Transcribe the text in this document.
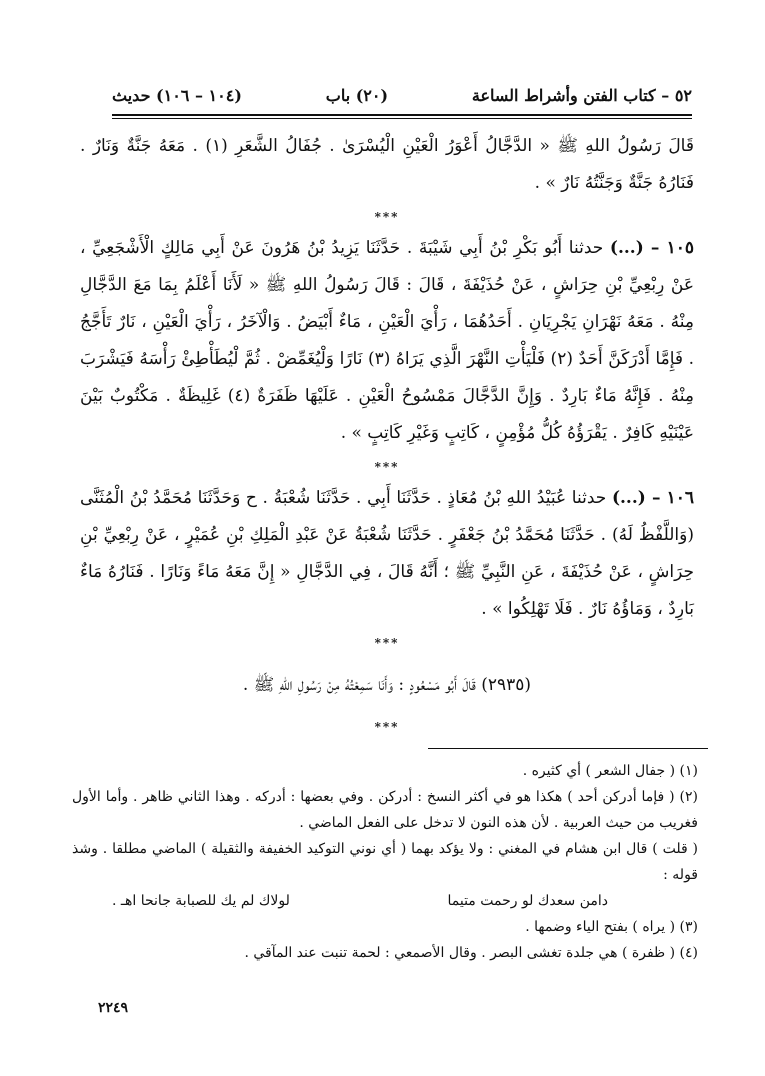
٥٢ – كتاب الفتن وأشراط الساعة
(٢٠) باب
(١٠٤ – ١٠٦) حديث

قَالَ رَسُولُ اللهِ ﷺ « الدَّجَّالُ أَعْوَرُ الْعَيْنِ الْيُسْرَىٰ . جُفَالُ الشَّعَرِ (١) . مَعَهُ جَنَّةٌ وَنَارٌ . فَنَارُهُ جَنَّةٌ وَجَنَّتُهُ نَارٌ » .

***

١٠٥ – (...) حدثنا أَبُو بَكْرِ بْنُ أَبِي شَيْبَةَ . حَدَّثَنَا يَزِيدُ بْنُ هَرُونَ عَنْ أَبِي مَالِكٍ الْأَشْجَعِيِّ ، عَنْ رِبْعِيِّ بْنِ حِرَاشٍ ، عَنْ حُذَيْفَةَ ، قَالَ : قَالَ رَسُولُ اللهِ ﷺ « لَأَنَا أَعْلَمُ بِمَا مَعَ الدَّجَّالِ مِنْهُ . مَعَهُ نَهْرَانِ يَجْرِيَانِ . أَحَدُهُمَا ، رَأْيَ الْعَيْنِ ، مَاءٌ أَبْيَضُ . وَالْآخَرُ ، رَأْيَ الْعَيْنِ ، نَارٌ تَأَجَّجُ . فَإِمَّا أَدْرَكَنَّ أَحَدٌ (٢) فَلْيَأْتِ النَّهْرَ الَّذِي يَرَاهُ (٣) نَارًا وَلْيُغَمِّضْ . ثُمَّ لْيُطَأْطِئْ رَأْسَهُ فَيَشْرَبَ مِنْهُ . فَإِنَّهُ مَاءٌ بَارِدٌ . وَإِنَّ الدَّجَّالَ مَمْسُوحُ الْعَيْنِ . عَلَيْهَا ظَفَرَةٌ (٤) غَلِيظَةٌ . مَكْتُوبٌ بَيْنَ عَيْنَيْهِ كَافِرٌ . يَقْرَؤُهُ كُلُّ مُؤْمِنٍ ، كَاتِبٍ وَغَيْرِ كَاتِبٍ » .

***

١٠٦ – (...) حدثنا عُبَيْدُ اللهِ بْنُ مُعَاذٍ . حَدَّثَنَا أَبِي . حَدَّثَنَا شُعْبَةُ . ح وَحَدَّثَنَا مُحَمَّدُ بْنُ الْمُثَنَّى (وَاللَّفْظُ لَهُ) . حَدَّثَنَا مُحَمَّدُ بْنُ جَعْفَرٍ . حَدَّثَنَا شُعْبَةُ عَنْ عَبْدِ الْمَلِكِ بْنِ عُمَيْرٍ ، عَنْ رِبْعِيِّ بْنِ حِرَاشٍ ، عَنْ حُذَيْفَةَ ، عَنِ النَّبِيِّ ﷺ ؛ أَنَّهُ قَالَ ، فِي الدَّجَّالِ « إِنَّ مَعَهُ مَاءً وَنَارًا . فَنَارُهُ مَاءٌ بَارِدٌ ، وَمَاؤُهُ نَارٌ . فَلَا تَهْلِكُوا » .

***

(٢٩٣٥) قَالَ أَبُو مَسْعُودٍ : وَأَنَا سَمِعْتُهُ مِنْ رَسُولِ اللهِ ﷺ .

***

(١) ( جفال الشعر ) أي كثيره .

(٢) ( فإما أدركن أحد ) هكذا هو في أكثر النسخ : أدركن . وفي بعضها : أدركه . وهذا الثاني ظاهر . وأما الأول فغريب من حيث العربية . لأن هذه النون لا تدخل على الفعل الماضي .

( قلت ) قال ابن هشام في المغني : ولا يؤكد بهما ( أي نوني التوكيد الخفيفة والثقيلة ) الماضي مطلقا . وشذ قوله :

دامن سعدك لو رحمت متيما
لولاك لم يك للصبابة جانحا اهـ .

(٣) ( يراه ) بفتح الياء وضمها .

(٤) ( ظفرة ) هي جلدة تغشى البصر . وقال الأصمعي : لحمة تنبت عند المآقي .

٢٢٤٩
